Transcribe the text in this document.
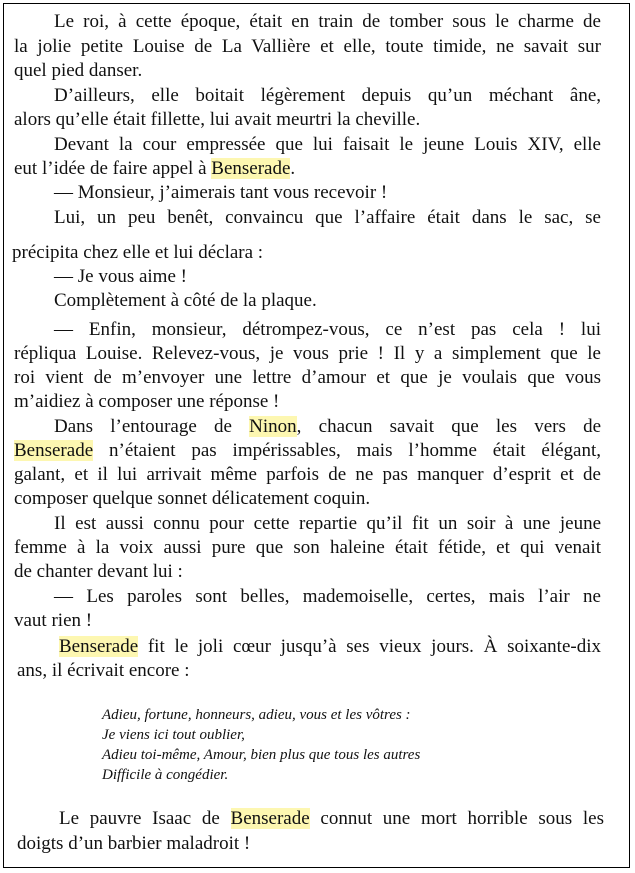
Le roi, à cette époque, était en train de tomber sous le charme de
la jolie petite Louise de La Vallière et elle, toute timide, ne savait sur
quel pied danser.
D’ailleurs, elle boitait légèrement depuis qu’un méchant âne,
alors qu’elle était fillette, lui avait meurtri la cheville.
Devant la cour empressée que lui faisait le jeune Louis XIV, elle
eut l’idée de faire appel à Benserade.
— Monsieur, j’aimerais tant vous recevoir !
Lui, un peu benêt, convaincu que l’affaire était dans le sac, se
précipita chez elle et lui déclara :
— Je vous aime !
Complètement à côté de la plaque.
— Enfin, monsieur, détrompez-vous, ce n’est pas cela ! lui
répliqua Louise. Relevez-vous, je vous prie ! Il y a simplement que le
roi vient de m’envoyer une lettre d’amour et que je voulais que vous
m’aidiez à composer une réponse !
Dans l’entourage de Ninon, chacun savait que les vers de
Benserade n’étaient pas impérissables, mais l’homme était élégant,
galant, et il lui arrivait même parfois de ne pas manquer d’esprit et de
composer quelque sonnet délicatement coquin.
Il est aussi connu pour cette repartie qu’il fit un soir à une jeune
femme à la voix aussi pure que son haleine était fétide, et qui venait
de chanter devant lui :
— Les paroles sont belles, mademoiselle, certes, mais l’air ne
vaut rien !
Benserade fit le joli cœur jusqu’à ses vieux jours. À soixante-dix
ans, il écrivait encore :
Adieu, fortune, honneurs, adieu, vous et les vôtres :
Je viens ici tout oublier,
Adieu toi-même, Amour, bien plus que tous les autres
Difficile à congédier.
Le pauvre Isaac de Benserade connut une mort horrible sous les
doigts d’un barbier maladroit !
